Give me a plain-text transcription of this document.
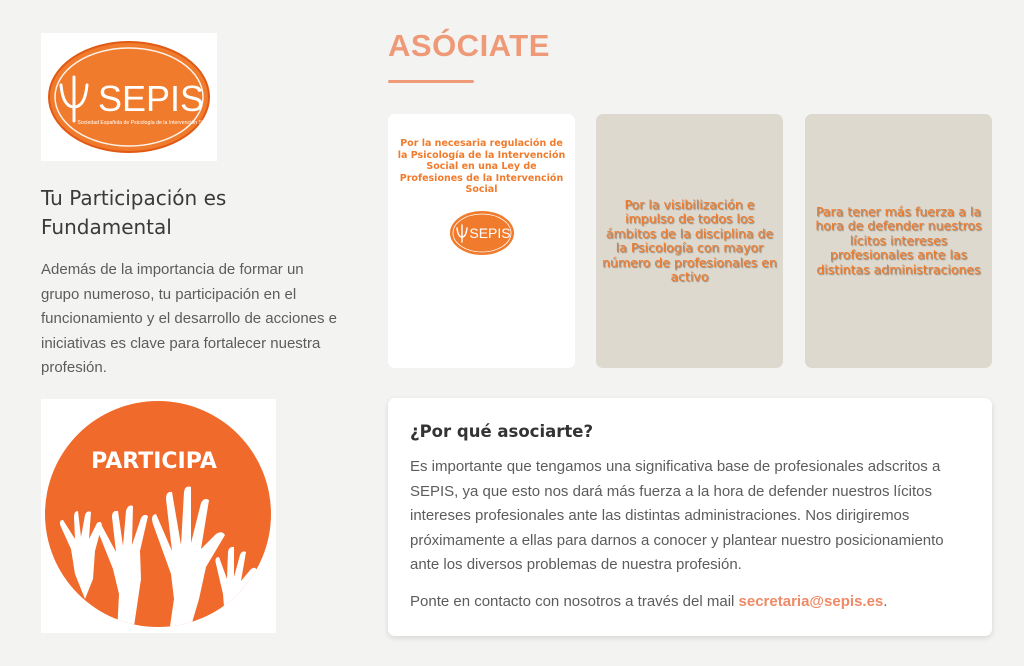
SEPIS
Sociedad Española de Psicología de la Intervención Social
Tu Participación es Fundamental

Además de la importancia de formar un grupo numeroso, tu participación en el funcionamiento y el desarrollo de acciones e iniciativas es clave para fortalecer nuestra profesión.

PARTICIPA
ASÓCIATE
Por la necesaria regulación de la Psicología de la Intervención Social en una Ley de Profesiones de la Intervención Social
SEPIS
Por la visibilización e impulso de todos los ámbitos de la disciplina de la Psicología con mayor número de profesionales en activo
Para tener más fuerza a la hora de defender nuestros lícitos intereses profesionales ante las distintas administraciones
¿Por qué asociarte?

Es importante que tengamos una significativa base de profesionales adscritos a SEPIS, ya que esto nos dará más fuerza a la hora de defender nuestros lícitos intereses profesionales ante las distintas administraciones. Nos dirigiremos próximamente a ellas para darnos a conocer y plantear nuestro posicionamiento ante los diversos problemas de nuestra profesión.

Ponte en contacto con nosotros a través del mail secretaria@sepis.es.
